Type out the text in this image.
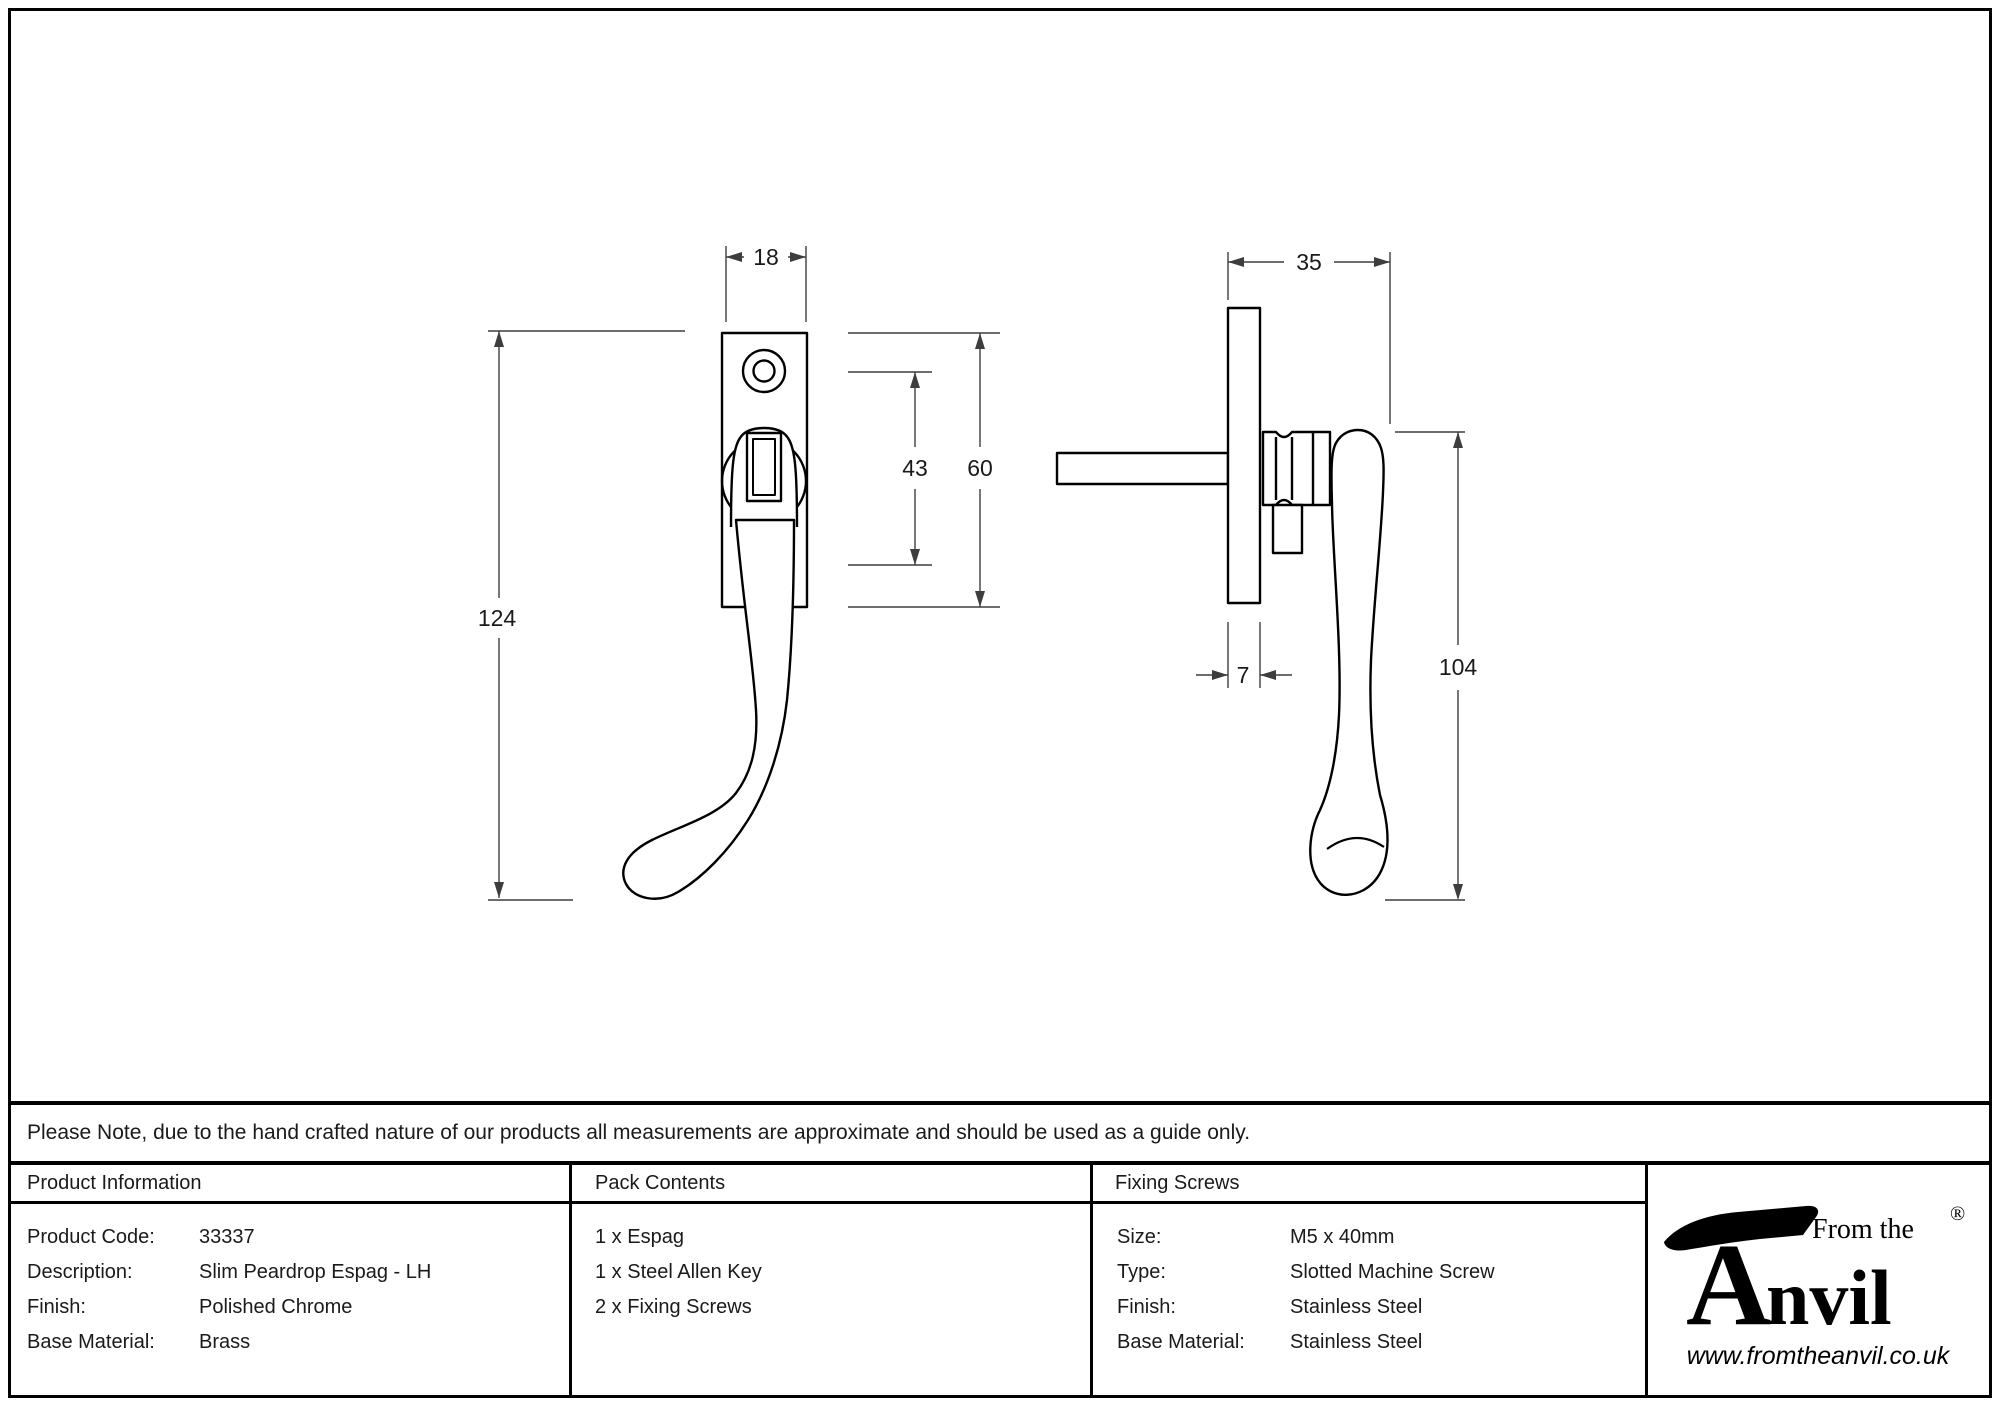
18
124
43 60
35
104
7
Please Note, due to the hand crafted nature of our products all measurements are approximate and should be used as a guide only.
Product Information	Pack Contents	Fixing Screws
Product Code: 33337
Description:	Slim Peardrop Espag - LH
Finish:	Polished Chrome
Base Material: Brass
1 x Espag
1 x Steel Allen Key
2 x Fixing Screws
Size:	M5 x 40mm
Type:	Slotted Machine Screw
Finish:	Stainless Steel
Base Material: Stainless Steel A
nvil
From the ®
www.fromtheanvil.co.uk
